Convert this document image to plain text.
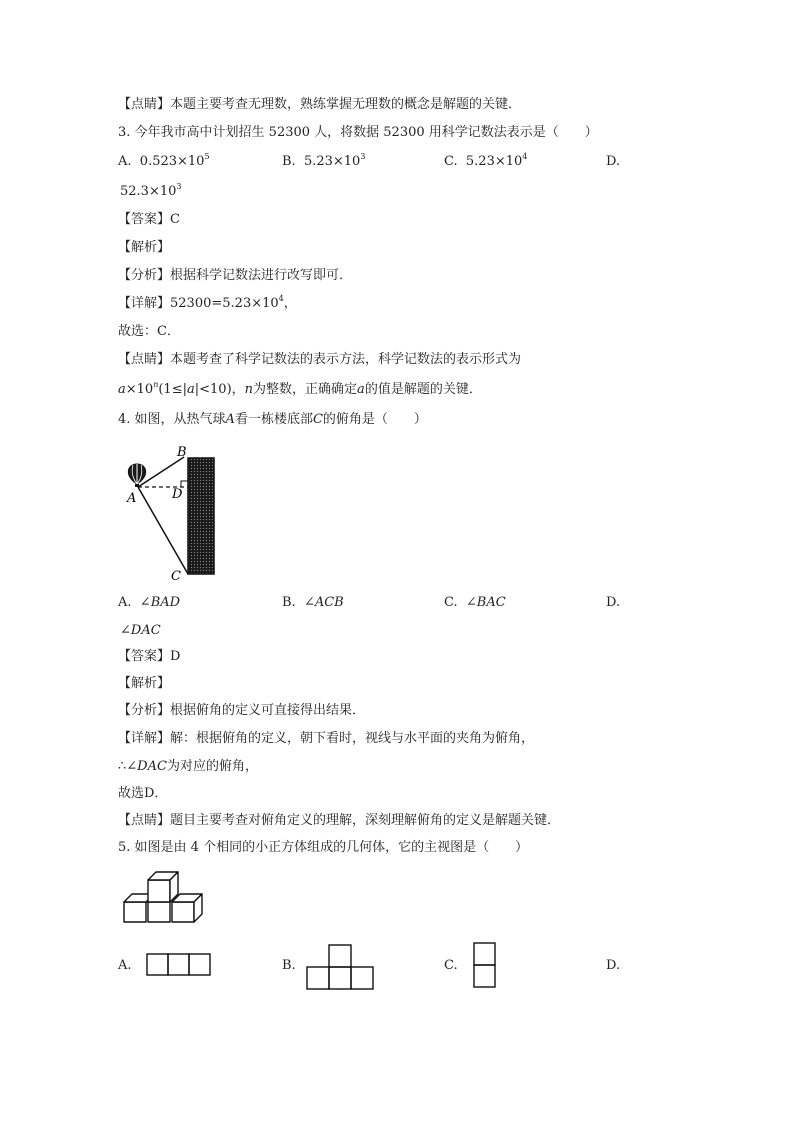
【点睛】本题主要考查无理数，熟练掌握无理数的概念是解题的关键．
3. 今年我市高中计划招生 52300 人，将数据 52300 用科学记数法表示是（　　）
A. $0.523\times 10^5$	B. $5.23\times 10^3$	C. $5.23\times 10^4$	D.
$52.3\times 10^3$
【答案】C
【解析】
【分析】根据科学记数法进行改写即可．
【详解】$52300=5.23\times 10^4$，
故选：C．
【点睛】本题考查了科学记数法的表示方法，科学记数法的表示形式为
$a\times 10^n(1\le|a|<10)$，n为整数，正确确定a的值是解题的关键．
4. 如图，从热气球A看一栋楼底部C的俯角是（　　）
B
D
A
C
A. ∠BAD	B. ∠ACB	C. ∠BAC	D.
∠DAC
【答案】D
【解析】
【分析】根据俯角的定义可直接得出结果．
【详解】解：根据俯角的定义，朝下看时，视线与水平面的夹角为俯角，
∴∠DAC为对应的俯角，
故选D．
【点睛】题目主要考查对俯角定义的理解，深刻理解俯角的定义是解题关键．
5. 如图是由 4 个相同的小正方体组成的几何体，它的主视图是（　　）
A.	B.	C.	D.
